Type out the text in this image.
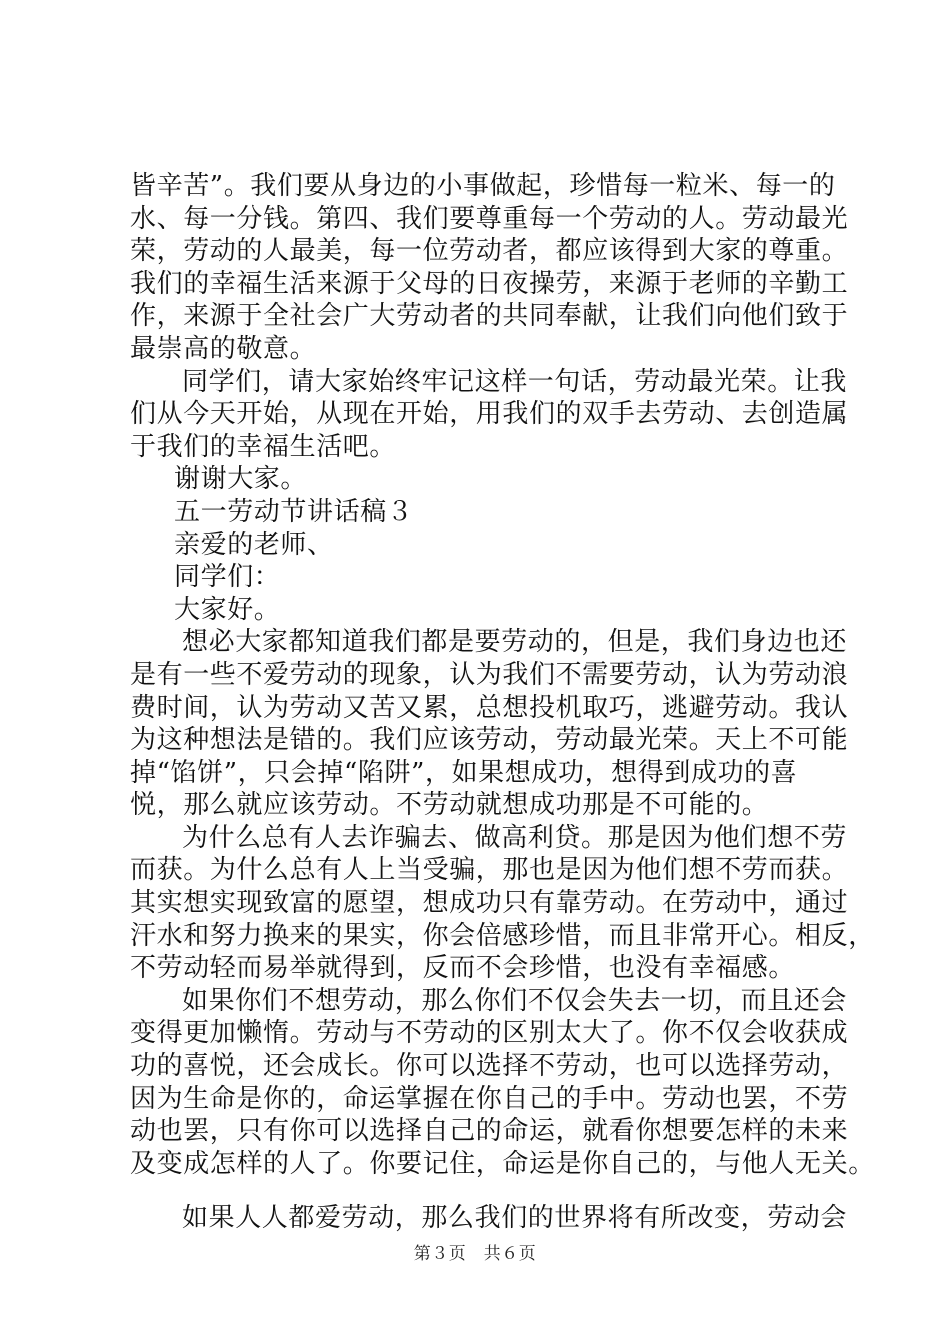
皆辛苦”。我们要从身边的小事做起，珍惜每一粒米、每一的
水、每一分钱。第四、我们要尊重每一个劳动的人。劳动最光
荣，劳动的人最美，每一位劳动者，都应该得到大家的尊重。
我们的幸福生活来源于父母的日夜操劳，来源于老师的辛勤工
作，来源于全社会广大劳动者的共同奉献，让我们向他们致于
最崇高的敬意。
同学们，请大家始终牢记这样一句话，劳动最光荣。让我
们从今天开始，从现在开始，用我们的双手去劳动、去创造属
于我们的幸福生活吧。
谢谢大家。
五一劳动节讲话稿３
亲爱的老师、
同学们：
大家好。
想必大家都知道我们都是要劳动的，但是，我们身边也还
是有一些不爱劳动的现象，认为我们不需要劳动，认为劳动浪
费时间，认为劳动又苦又累，总想投机取巧，逃避劳动。我认
为这种想法是错的。我们应该劳动，劳动最光荣。天上不可能
掉“馅饼”，只会掉“陷阱”，如果想成功，想得到成功的喜
悦，那么就应该劳动。不劳动就想成功那是不可能的。
为什么总有人去诈骗去、做高利贷。那是因为他们想不劳
而获。为什么总有人上当受骗，那也是因为他们想不劳而获。
其实想实现致富的愿望，想成功只有靠劳动。在劳动中，通过
汗水和努力换来的果实，你会倍感珍惜，而且非常开心。相反，
不劳动轻而易举就得到，反而不会珍惜，也没有幸福感。
如果你们不想劳动，那么你们不仅会失去一切，而且还会
变得更加懒惰。劳动与不劳动的区别太大了。你不仅会收获成
功的喜悦，还会成长。你可以选择不劳动，也可以选择劳动，
因为生命是你的，命运掌握在你自己的手中。劳动也罢，不劳
动也罢，只有你可以选择自己的命运，就看你想要怎样的未来
及变成怎样的人了。你要记住，命运是你自己的，与他人无关。
如果人人都爱劳动，那么我们的世界将有所改变，劳动会
第３页　共６页
